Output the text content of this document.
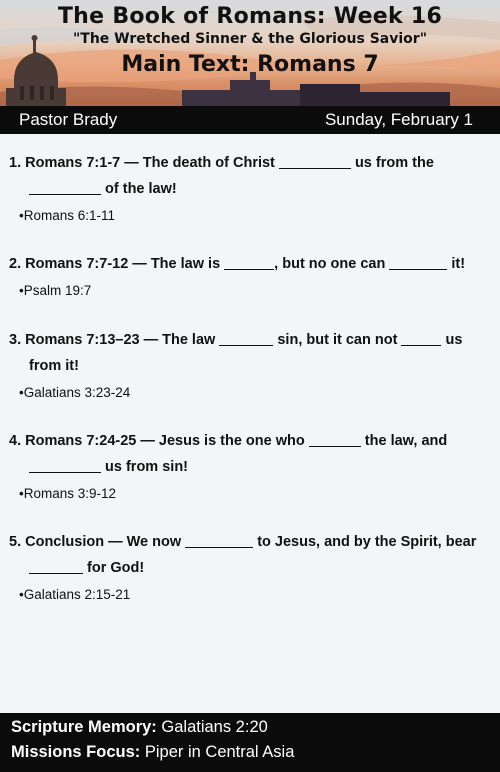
The Book of Romans: Week 16
"The Wretched Sinner & the Glorious Savior"
Main Text: Romans 7
Pastor Brady	Sunday, February 1
1. Romans 7:1-7 — The death of Christ	us from the
of the law!
•Romans 6:1-11
2. Romans 7:7-12 — The law is	, but no one can	it!
•Psalm 19:7
3. Romans 7:13–23 — The law	sin, but it can not	us
from it!
•Galatians 3:23-24
4. Romans 7:24-25 — Jesus is the one who	the law, and
us from sin!
•Romans 3:9-12
5. Conclusion — We now	to Jesus, and by the Spirit, bear
for God!
•Galatians 2:15-21
Scripture Memory: Galatians 2:20
Missions Focus: Piper in Central Asia
